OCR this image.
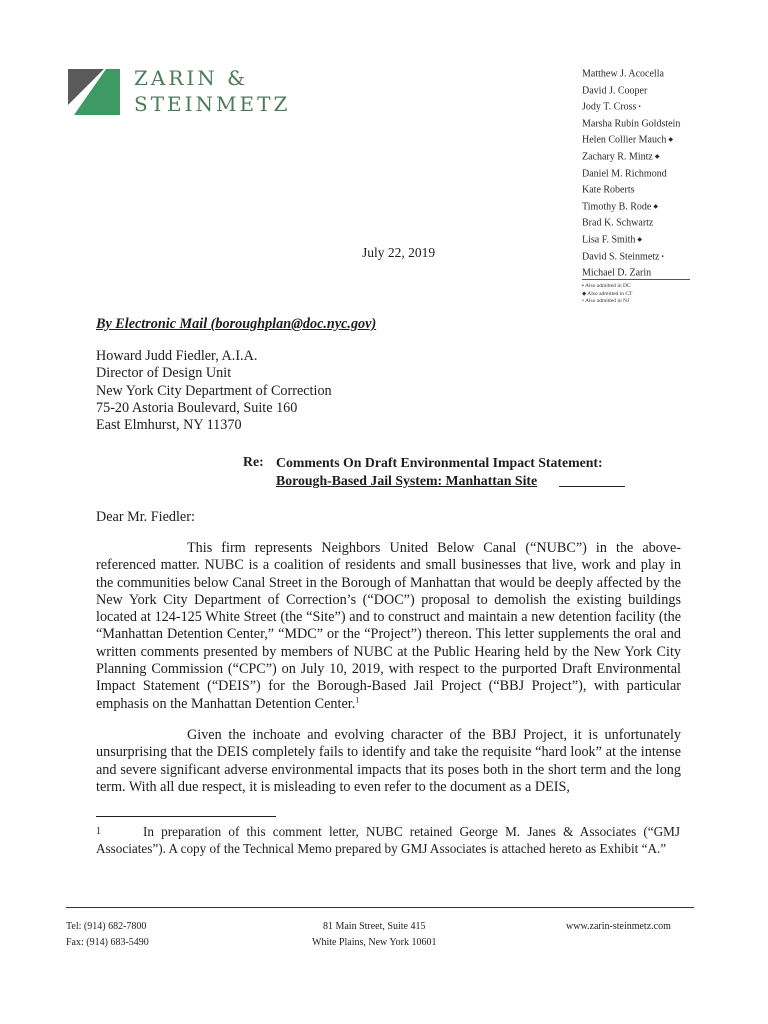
ZARIN &
STEINMETZ
Matthew J. Acocella
David J. Cooper
Jody T. Cross ▪
Marsha Rubin Goldstein
Helen Collier Mauch ◆
Zachary R. Mintz ◆
Daniel M. Richmond
Kate Roberts
Timothy B. Rode ◆
Brad K. Schwartz
Lisa F. Smith ◆
David S. Steinmetz ▪
Michael D. Zarin
▪ Also admitted in DC
◆ Also admitted in CT
• Also admitted in NJ
July 22, 2019
By Electronic Mail (boroughplan@doc.nyc.gov)
Howard Judd Fiedler, A.I.A.
Director of Design Unit
New York City Department of Correction
75-20 Astoria Boulevard, Suite 160
East Elmhurst, NY 11370
Re: Comments On Draft Environmental Impact Statement:
Borough-Based Jail System: Manhattan Site
Dear Mr. Fiedler:

This firm represents Neighbors United Below Canal (“NUBC”) in the above-referenced matter. NUBC is a coalition of residents and small businesses that live, work and play in the communities below Canal Street in the Borough of Manhattan that would be deeply affected by the New York City Department of Correction’s (“DOC”) proposal to demolish the existing buildings located at 124-125 White Street (the “Site”) and to construct and maintain a new detention facility (the “Manhattan Detention Center,” “MDC” or the “Project”) thereon. This letter supplements the oral and written comments presented by members of NUBC at the Public Hearing held by the New York City Planning Commission (“CPC”) on July 10, 2019, with respect to the purported Draft Environmental Impact Statement (“DEIS”) for the Borough-Based Jail Project (“BBJ Project”), with particular emphasis on the Manhattan Detention Center.$^1$

Given the inchoate and evolving character of the BBJ Project, it is unfortunately unsurprising that the DEIS completely fails to identify and take the requisite “hard look” at the intense and severe significant adverse environmental impacts that its poses both in the short term and the long term. With all due respect, it is misleading to even refer to the document as a DEIS,

1	In preparation of this comment letter, NUBC retained George M. Janes & Associates (“GMJ Associates”). A copy of the Technical Memo prepared by GMJ Associates is attached hereto as Exhibit “A.”
Tel: (914) 682-7800
Fax: (914) 683-5490
81 Main Street, Suite 415
White Plains, New York 10601
www.zarin-steinmetz.com
